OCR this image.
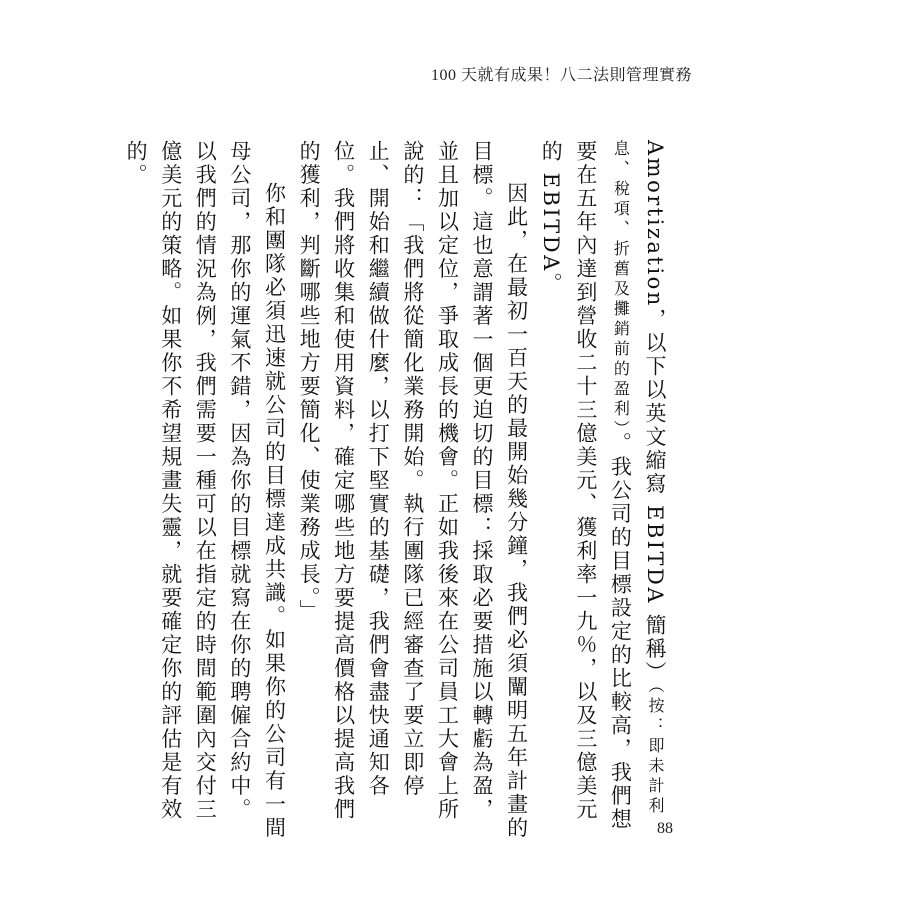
100 天就有成果！八二法則管理實務

Amortization，以下以英文縮寫 EBITDA 簡稱）（按：即未計利息、稅項、折舊及攤銷前的盈利）。我公司的目標設定的比較高，我們想要在五年內達到營收二十三億美元、獲利率一九％，以及三億美元的 EBITDA。

因此，在最初一百天的最開始幾分鐘，我們必須闡明五年計畫的目標。這也意謂著一個更迫切的目標：採取必要措施以轉虧為盈，並且加以定位，爭取成長的機會。正如我後來在公司員工大會上所說的：「我們將從簡化業務開始。執行團隊已經審查了要立即停止、開始和繼續做什麼，以打下堅實的基礎，我們會盡快通知各位。我們將收集和使用資料，確定哪些地方要提高價格以提高我們的獲利，判斷哪些地方要簡化、使業務成長。」

你和團隊必須迅速就公司的目標達成共識。如果你的公司有一間母公司，那你的運氣不錯，因為你的目標就寫在你的聘僱合約中。以我們的情況為例，我們需要一種可以在指定的時間範圍內交付三億美元的策略。如果你不希望規畫失靈，就要確定你的評估是有效的。

88
